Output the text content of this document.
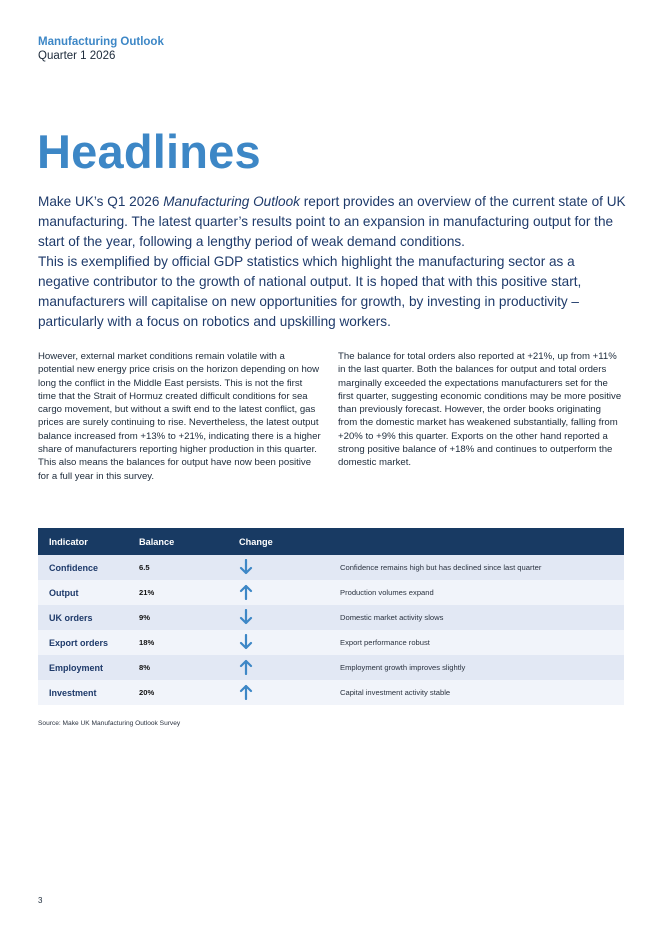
Manufacturing Outlook
Quarter 1 2026
Headlines

Make UK’s Q1 2026 Manufacturing Outlook report provides an overview of the current state of UK manufacturing. The latest quarter’s results point to an expansion in manufacturing output for the start of the year, following a lengthy period of weak demand conditions.

This is exemplified by official GDP statistics which highlight the manufacturing sector as a negative contributor to the growth of national output. It is hoped that with this positive start, manufacturers will capitalise on new opportunities for growth, by investing in productivity – particularly with a focus on robotics and upskilling workers.

However, external market conditions remain volatile with a potential new energy price crisis on the horizon depending on how long the conflict in the Middle East persists. This is not the first time that the Strait of Hormuz created difficult conditions for sea cargo movement, but without a swift end to the latest conflict, gas prices are surely continuing to rise. Nevertheless, the latest output balance increased from +13% to +21%, indicating there is a higher share of manufacturers reporting higher production in this quarter. This also means the balances for output have now been positive for a full year in this survey.
The balance for total orders also reported at +21%, up from +11% in the last quarter. Both the balances for output and total orders marginally exceeded the expectations manufacturers set for the first quarter, suggesting economic conditions may be more positive than previously forecast. However, the order books originating from the domestic market has weakened substantially, falling from +20% to +9% this quarter. Exports on the other hand reported a strong positive balance of +18% and continues to outperform the domestic market.
Indicator	Balance	Change
Confidence	6.5	Confidence remains high but has declined since last quarter
Output	21%	Production volumes expand
UK orders	9%	Domestic market activity slows
Export orders	18%	Export performance robust
Employment	8%	Employment growth improves slightly
Investment	20%	Capital investment activity stable
Source: Make UK Manufacturing Outlook Survey
3
